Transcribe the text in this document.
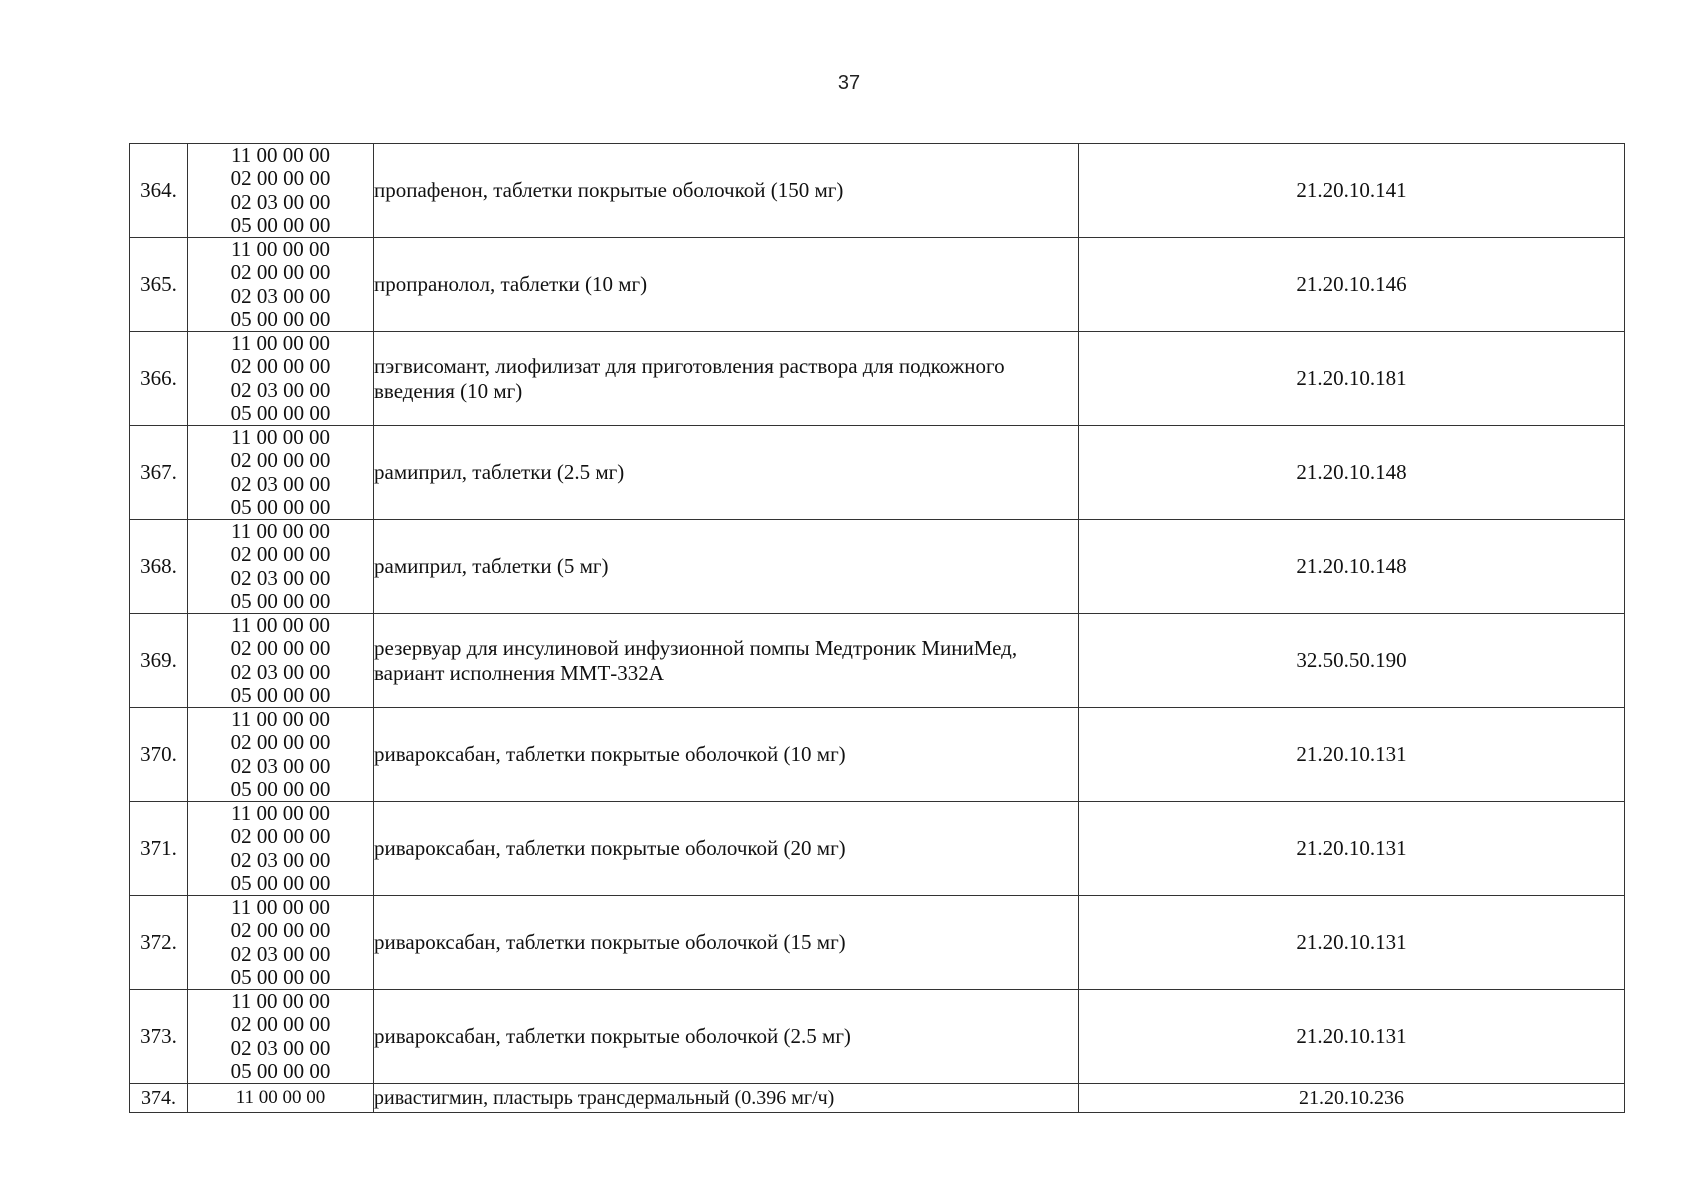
37
364.	11 00 00 00
02 00 00 00
02 03 00 00
05 00 00 00	пропафенон, таблетки покрытые оболочкой (150 мг)	21.20.10.141
365.	11 00 00 00
02 00 00 00
02 03 00 00
05 00 00 00	пропранолол, таблетки (10 мг)	21.20.10.146
366.	11 00 00 00
02 00 00 00
02 03 00 00
05 00 00 00	пэгвисомант, лиофилизат для приготовления раствора для подкожного введения (10 мг)	21.20.10.181
367.	11 00 00 00
02 00 00 00
02 03 00 00
05 00 00 00	рамиприл, таблетки (2.5 мг)	21.20.10.148
368.	11 00 00 00
02 00 00 00
02 03 00 00
05 00 00 00	рамиприл, таблетки (5 мг)	21.20.10.148
369.	11 00 00 00
02 00 00 00
02 03 00 00
05 00 00 00	резервуар для инсулиновой инфузионной помпы Медтроник МиниМед, вариант исполнения ММТ-332А	32.50.50.190
370.	11 00 00 00
02 00 00 00
02 03 00 00
05 00 00 00	ривароксабан, таблетки покрытые оболочкой (10 мг)	21.20.10.131
371.	11 00 00 00
02 00 00 00
02 03 00 00
05 00 00 00	ривароксабан, таблетки покрытые оболочкой (20 мг)	21.20.10.131
372.	11 00 00 00
02 00 00 00
02 03 00 00
05 00 00 00	ривароксабан, таблетки покрытые оболочкой (15 мг)	21.20.10.131
373.	11 00 00 00
02 00 00 00
02 03 00 00
05 00 00 00	ривароксабан, таблетки покрытые оболочкой (2.5 мг)	21.20.10.131
374.	11 00 00 00	ривастигмин, пластырь трансдермальный (0.396 мг/ч)	21.20.10.236
